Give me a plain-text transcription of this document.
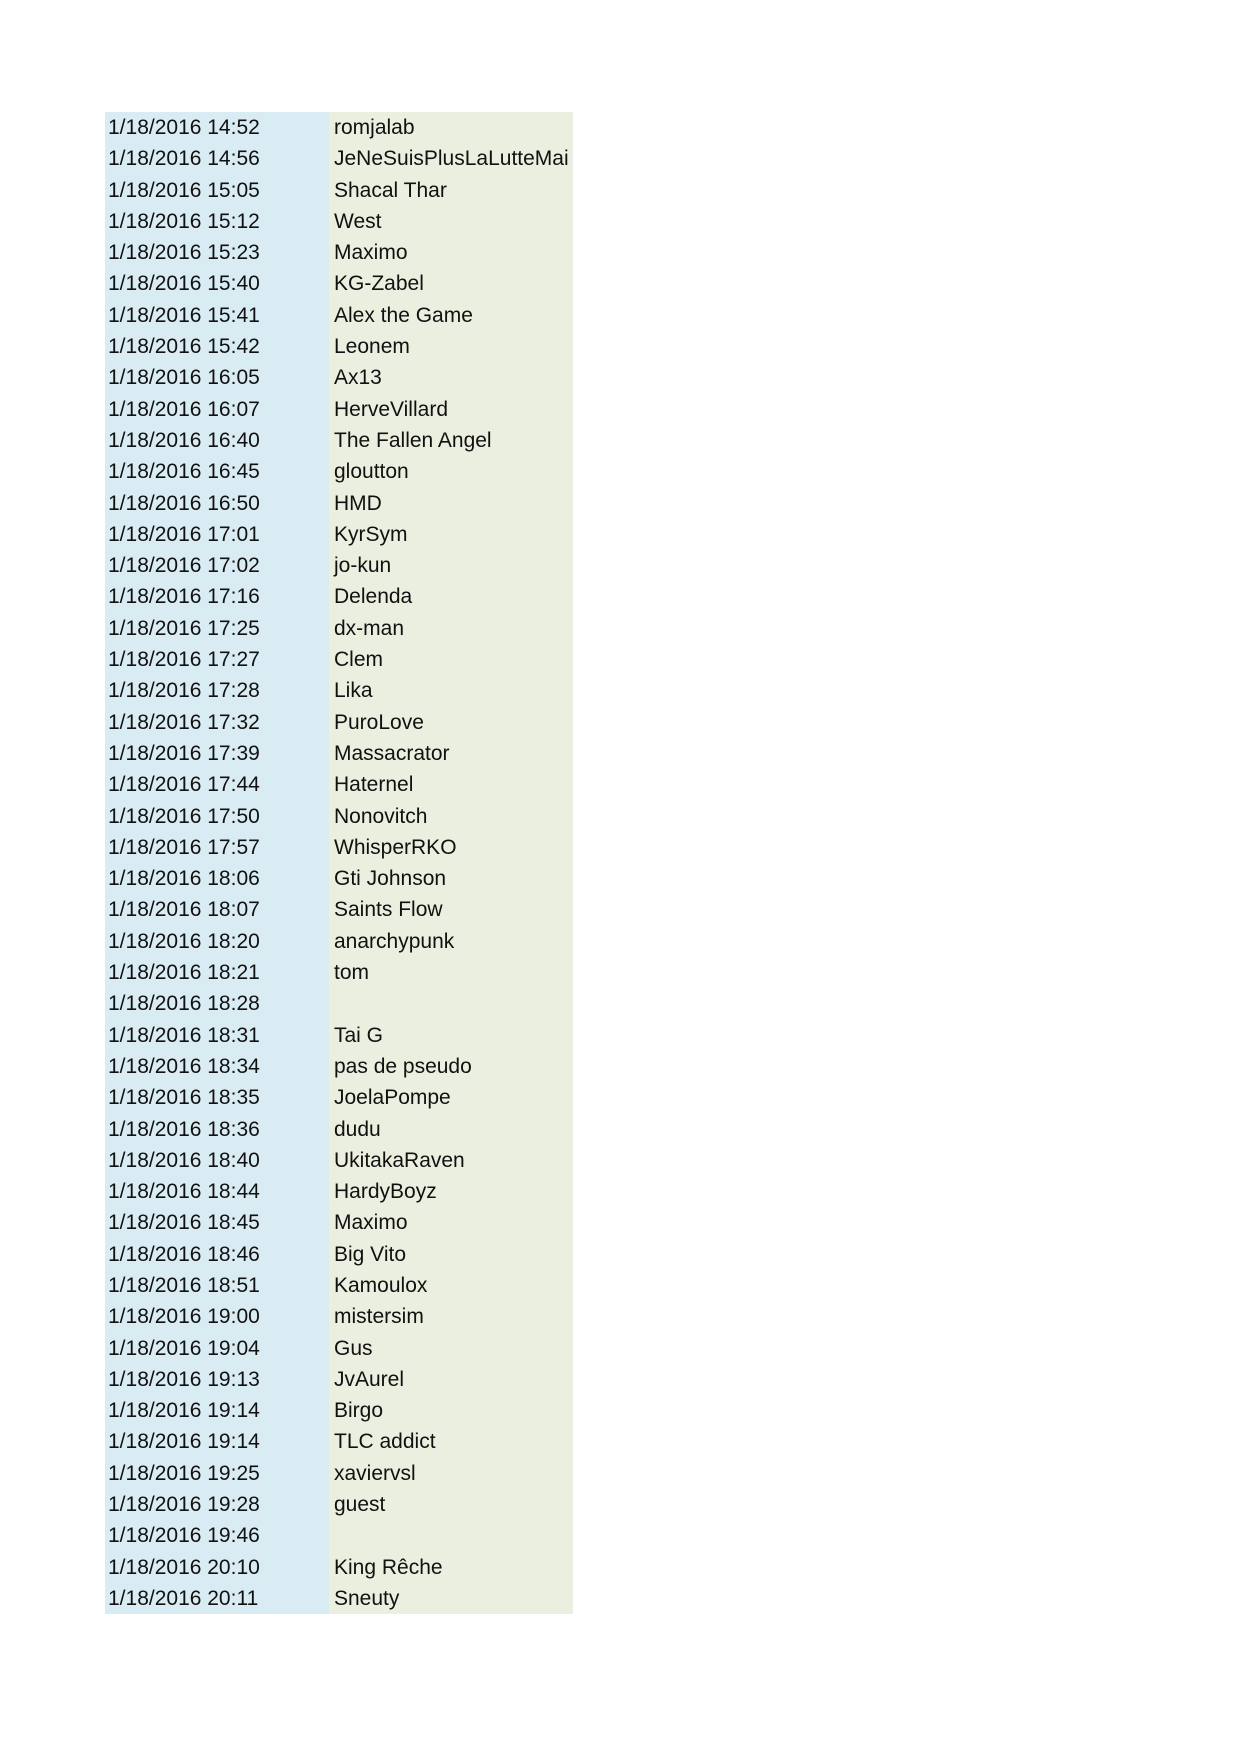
1/18/2016 14:52	romjalab
1/18/2016 14:56	JeNeSuisPlusLaLutteMai
1/18/2016 15:05	Shacal Thar
1/18/2016 15:12	West
1/18/2016 15:23	Maximo
1/18/2016 15:40	KG-Zabel
1/18/2016 15:41	Alex the Game
1/18/2016 15:42	Leonem
1/18/2016 16:05	Ax13
1/18/2016 16:07	HerveVillard
1/18/2016 16:40	The Fallen Angel
1/18/2016 16:45	gloutton
1/18/2016 16:50	HMD
1/18/2016 17:01	KyrSym
1/18/2016 17:02	jo-kun
1/18/2016 17:16	Delenda
1/18/2016 17:25	dx-man
1/18/2016 17:27	Clem
1/18/2016 17:28	Lika
1/18/2016 17:32	PuroLove
1/18/2016 17:39	Massacrator
1/18/2016 17:44	Haternel
1/18/2016 17:50	Nonovitch
1/18/2016 17:57	WhisperRKO
1/18/2016 18:06	Gti Johnson
1/18/2016 18:07	Saints Flow
1/18/2016 18:20	anarchypunk
1/18/2016 18:21	tom
1/18/2016 18:28
1/18/2016 18:31	Tai G
1/18/2016 18:34	pas de pseudo
1/18/2016 18:35	JoelaPompe
1/18/2016 18:36	dudu
1/18/2016 18:40	UkitakaRaven
1/18/2016 18:44	HardyBoyz
1/18/2016 18:45	Maximo
1/18/2016 18:46	Big Vito
1/18/2016 18:51	Kamoulox
1/18/2016 19:00	mistersim
1/18/2016 19:04	Gus
1/18/2016 19:13	JvAurel
1/18/2016 19:14	Birgo
1/18/2016 19:14	TLC addict
1/18/2016 19:25	xaviervsl
1/18/2016 19:28	guest
1/18/2016 19:46
1/18/2016 20:10	King Rêche
1/18/2016 20:11	Sneuty
